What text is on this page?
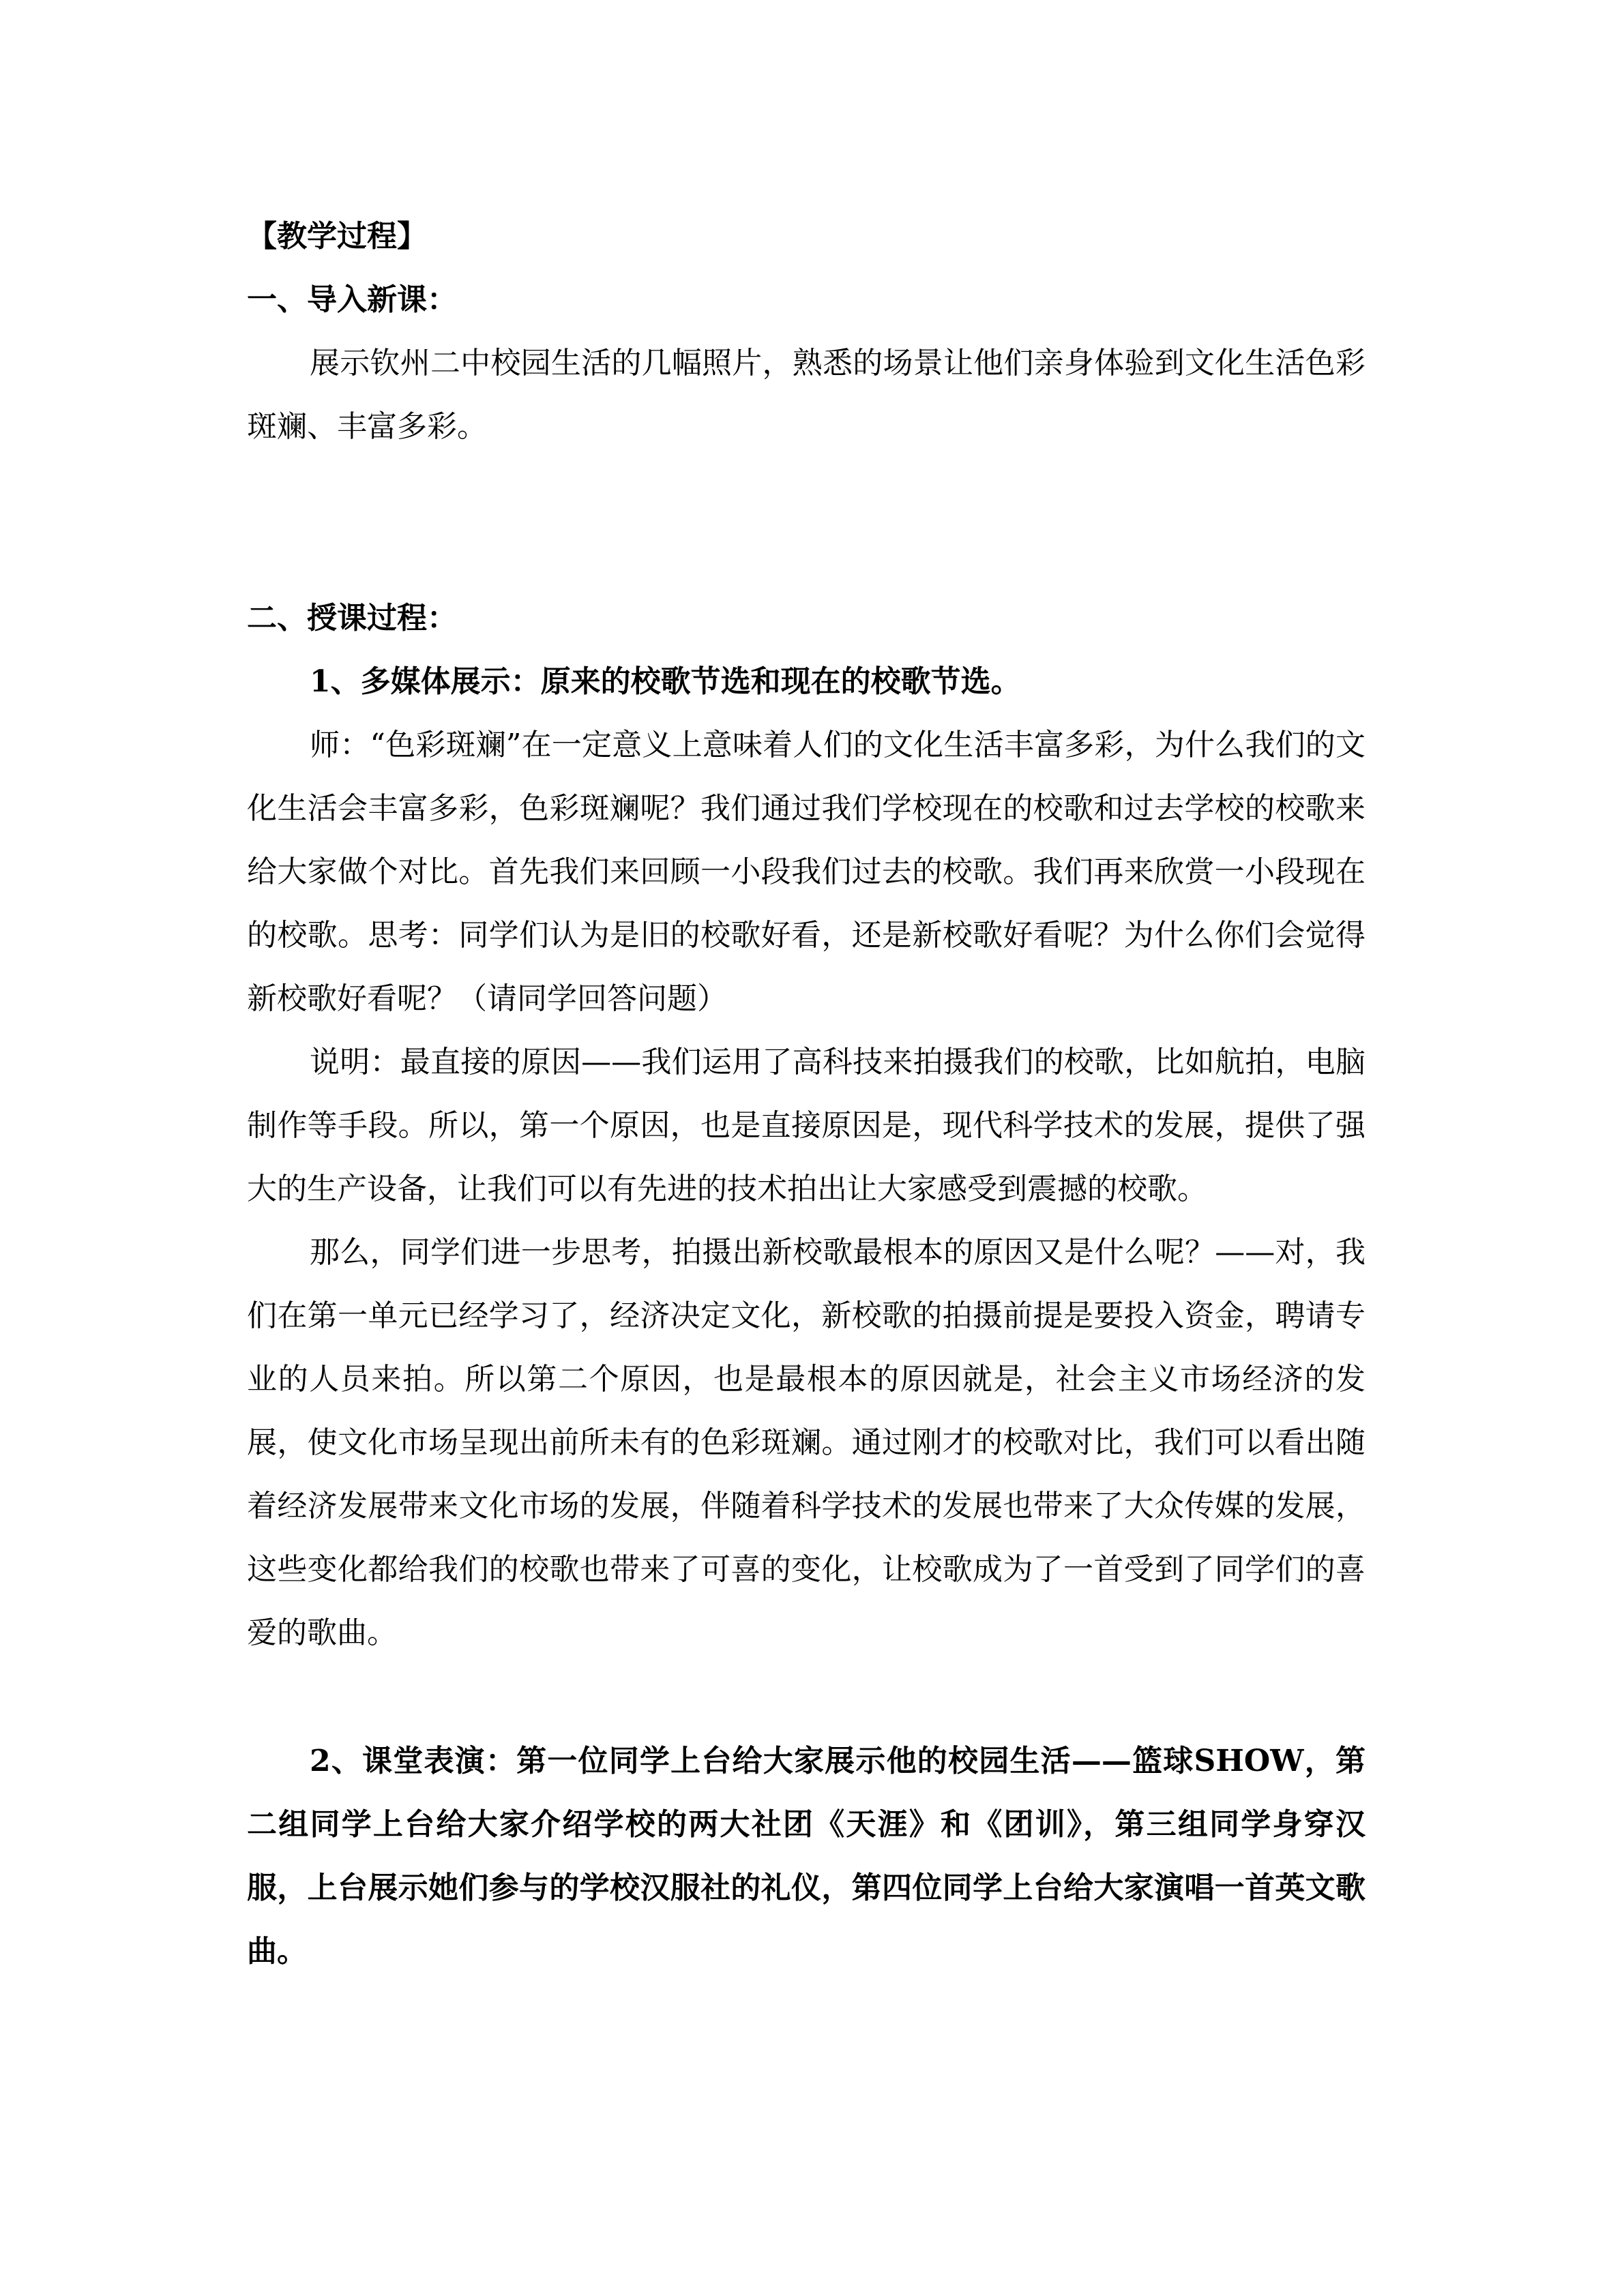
【教学过程】

一、导入新课：

展示钦州二中校园生活的几幅照片，熟悉的场景让他们亲身体验到文化生活色彩斑斓、丰富多彩。

二、授课过程：

1、多媒体展示：原来的校歌节选和现在的校歌节选。

师：“色彩斑斓”在一定意义上意味着人们的文化生活丰富多彩，为什么我们的文化生活会丰富多彩，色彩斑斓呢？我们通过我们学校现在的校歌和过去学校的校歌来给大家做个对比。首先我们来回顾一小段我们过去的校歌。我们再来欣赏一小段现在的校歌。思考：同学们认为是旧的校歌好看，还是新校歌好看呢？为什么你们会觉得新校歌好看呢？（请同学回答问题）

说明：最直接的原因——我们运用了高科技来拍摄我们的校歌，比如航拍，电脑制作等手段。所以，第一个原因，也是直接原因是，现代科学技术的发展，提供了强大的生产设备，让我们可以有先进的技术拍出让大家感受到震撼的校歌。

那么，同学们进一步思考，拍摄出新校歌最根本的原因又是什么呢？——对，我们在第一单元已经学习了，经济决定文化，新校歌的拍摄前提是要投入资金，聘请专业的人员来拍。所以第二个原因，也是最根本的原因就是，社会主义市场经济的发展，使文化市场呈现出前所未有的色彩斑斓。通过刚才的校歌对比，我们可以看出随着经济发展带来文化市场的发展，伴随着科学技术的发展也带来了大众传媒的发展，这些变化都给我们的校歌也带来了可喜的变化，让校歌成为了一首受到了同学们的喜爱的歌曲。

2、课堂表演：第一位同学上台给大家展示他的校园生活——篮球SHOW，第二组同学上台给大家介绍学校的两大社团《天涯》和《团训》，第三组同学身穿汉服，上台展示她们参与的学校汉服社的礼仪，第四位同学上台给大家演唱一首英文歌曲。
